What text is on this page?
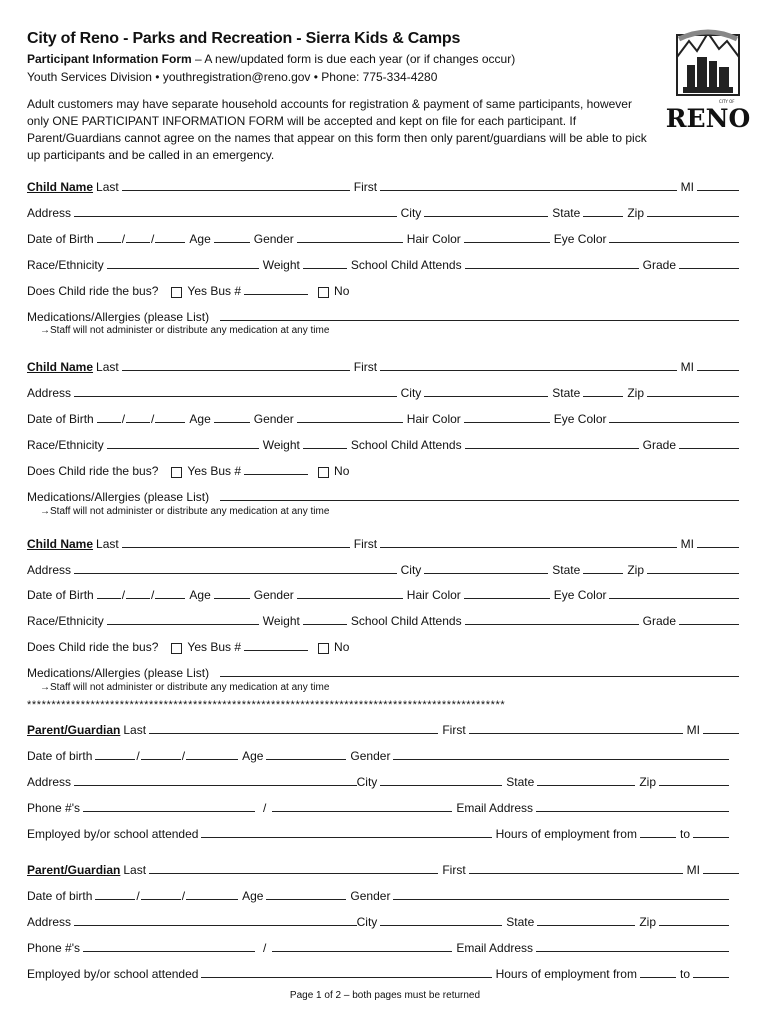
City of Reno - Parks and Recreation - Sierra Kids & Camps
Participant Information Form – A new/updated form is due each year (or if changes occur)
Youth Services Division • youthregistration@reno.gov • Phone: 775-334-4280
Adult customers may have separate household accounts for registration & payment of same participants, however only ONE PARTICIPANT INFORMATION FORM will be accepted and kept on file for each participant. If Parent/Guardians cannot agree on the names that appear on this form then only parent/guardians will be able to pick up participants and be called in an emergency.
CITY OF
RENO
Child Name Last	First	MI
Address	City	State	Zip
Date of Birth / /	Age	Gender	Hair Color	Eye Color
Race/Ethnicity	Weight	School Child Attends	Grade
Does Child ride the bus? Yes Bus #	No
Medications/Allergies (please List)
→Staff will not administer or distribute any medication at any time
Child Name Last	First	MI
Address	City	State	Zip
Date of Birth / /	Age	Gender	Hair Color	Eye Color
Race/Ethnicity	Weight	School Child Attends	Grade
Does Child ride the bus? Yes Bus #	No
Medications/Allergies (please List)
→Staff will not administer or distribute any medication at any time
Child Name Last	First	MI
Address	City	State	Zip
Date of Birth / /	Age	Gender	Hair Color	Eye Color
Race/Ethnicity	Weight	School Child Attends	Grade
Does Child ride the bus? Yes Bus #	No
Medications/Allergies (please List)
→Staff will not administer or distribute any medication at any time
**************************************************************************************************
Parent/Guardian Last	First	MI
Date of birth	/	/	Age	Gender
Address	City	State	Zip
Phone #'s	/	Email Address
Employed by/or school attended	Hours of employment from	to
Parent/Guardian Last	First	MI
Date of birth	/	/	Age	Gender
Address	City	State	Zip
Phone #'s	/	Email Address
Employed by/or school attended	Hours of employment from	to
Page 1 of 2 – both pages must be returned
